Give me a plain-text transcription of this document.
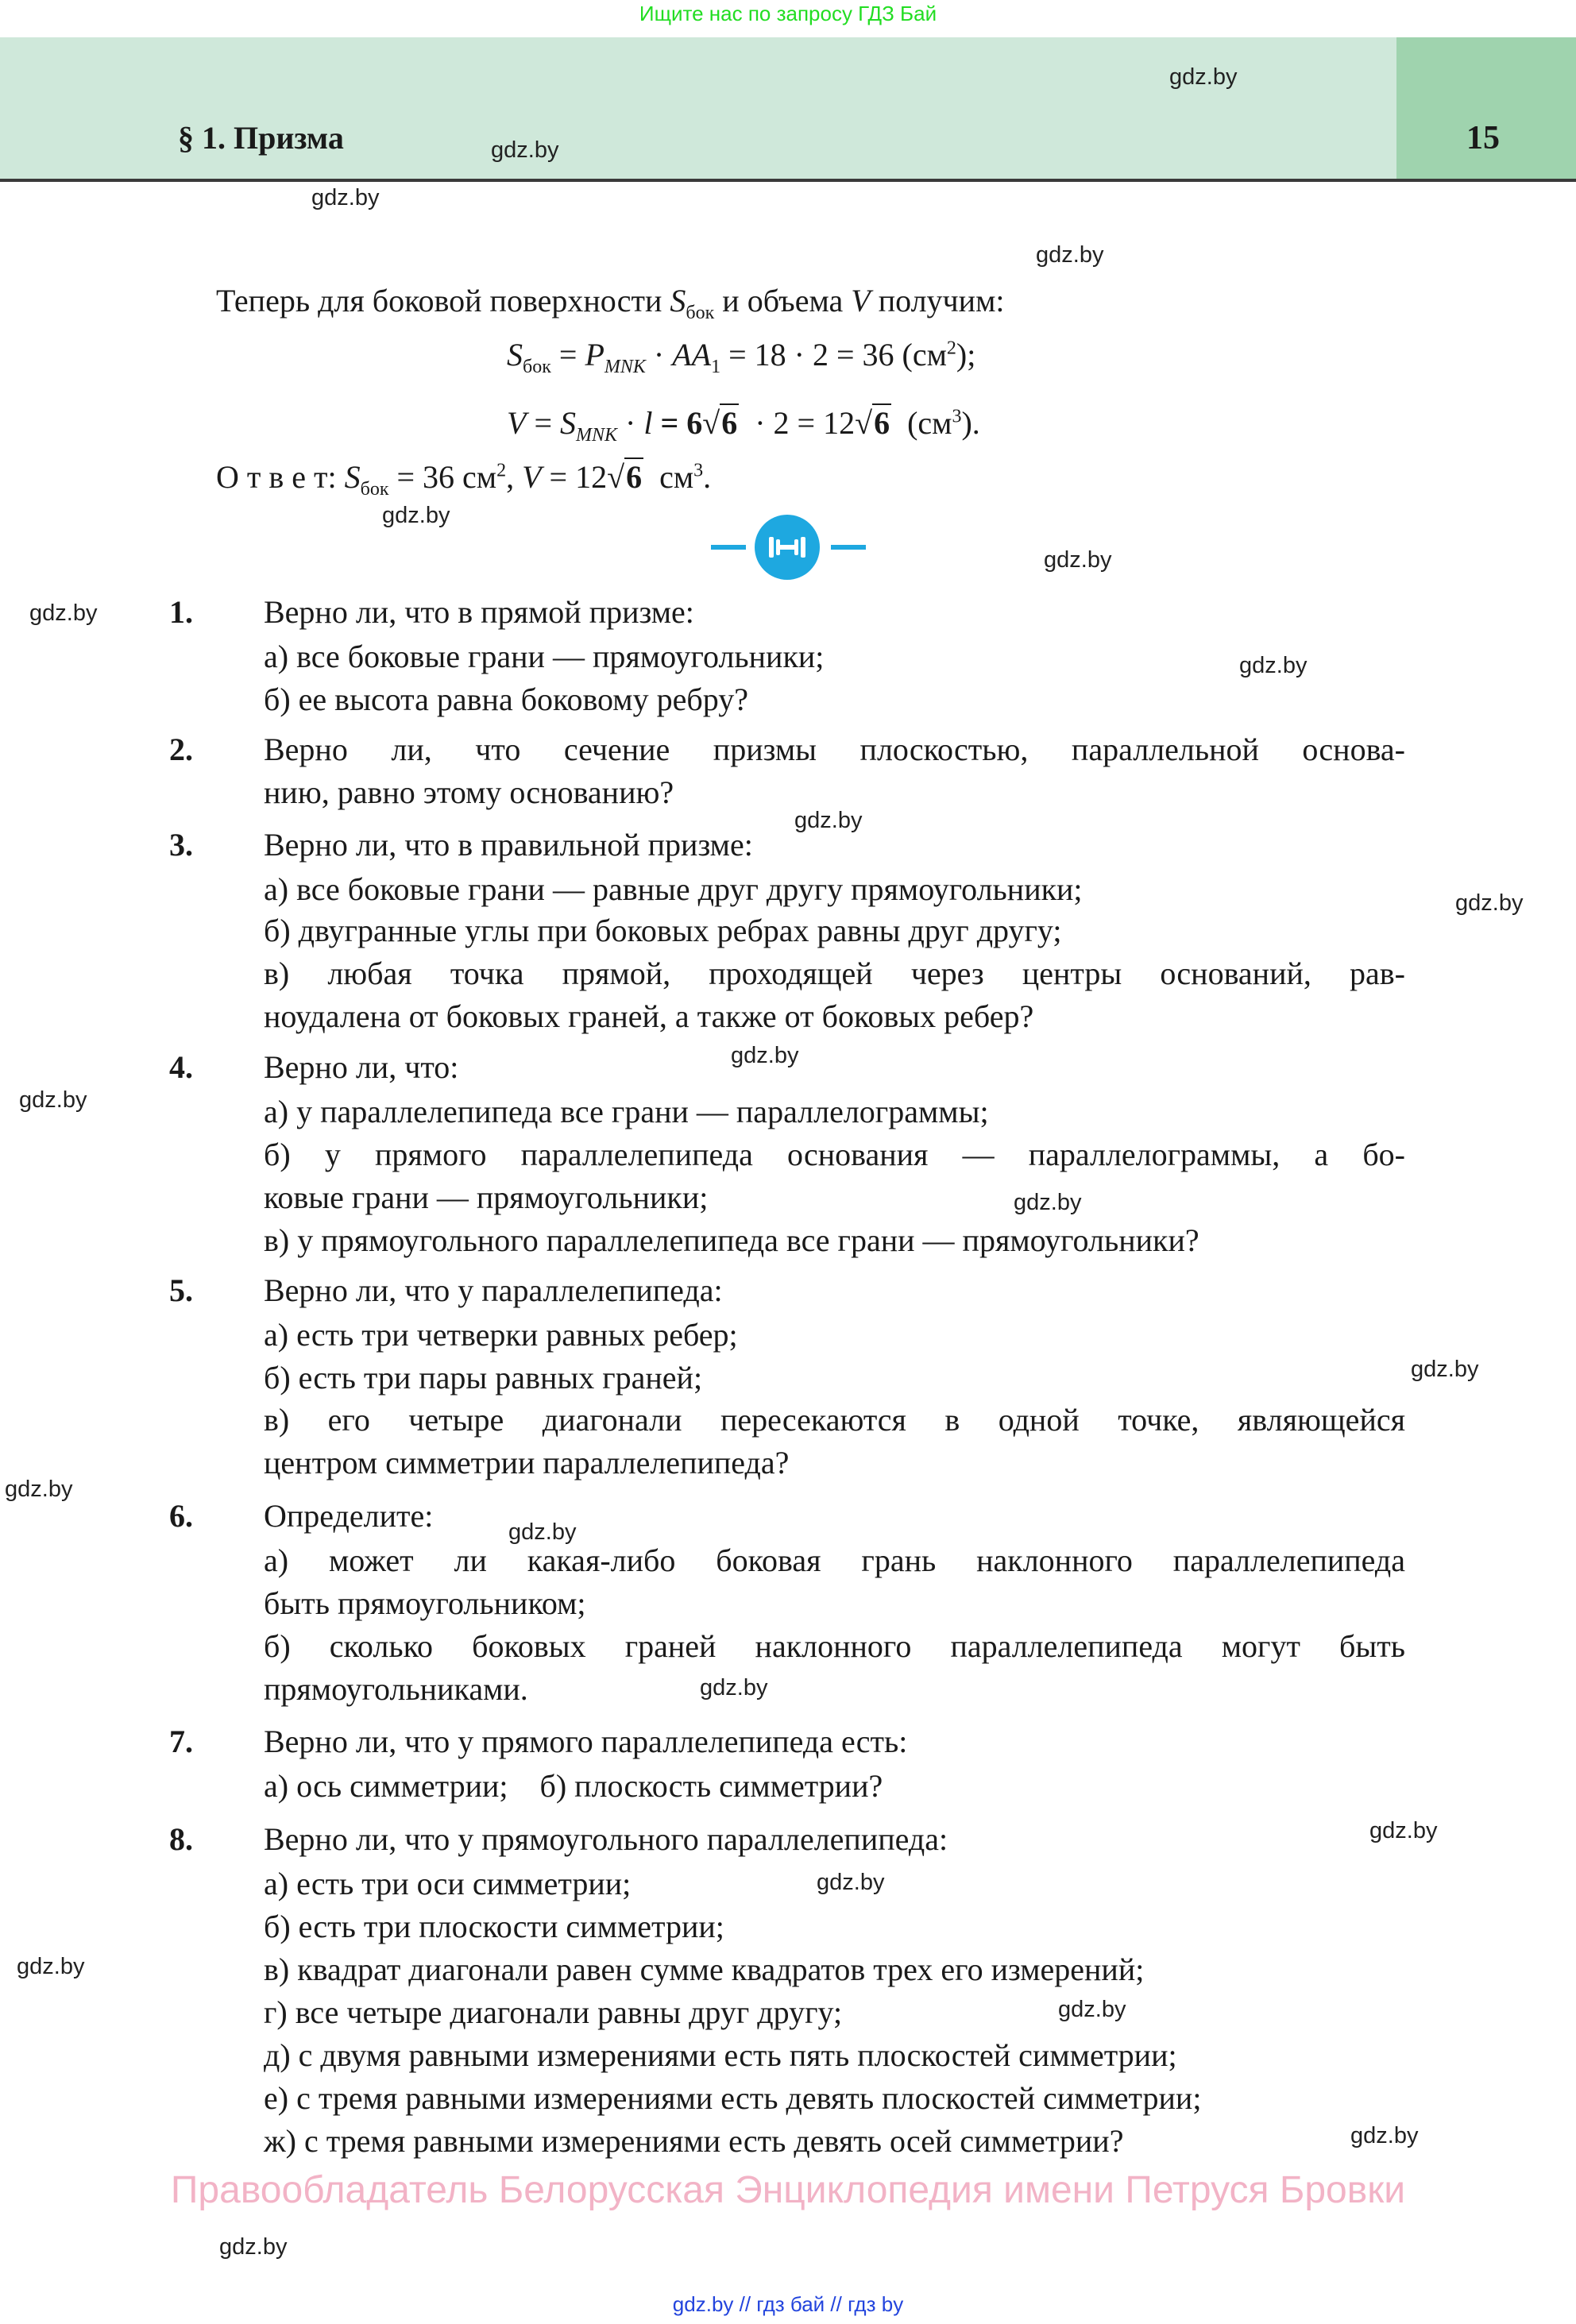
Ищите нас по запросу ГДЗ Бай
§ 1. Призма	15
Теперь для боковой поверхности $S_{бок}$ и объема V получим:
$S_{бок} = P_{MNK} \cdot AA_1 = 18 \cdot 2 = 36$ $(см^2)$;
$V = S_{MNK} \cdot l = 6√6 \cdot 2 = 12√6$  $(см^3)$.
О т в е т: $S_{бок} = 36$ $см^2$, V = 12√6  $см^3$.
1. Верно ли, что в прямой призме:
а) все боковые грани — прямоугольники;
б) ее высота равна боковому ребру?
2. Верно ли, что сечение призмы плоскостью, параллельной основа-
нию, равно этому основанию?
3. Верно ли, что в правильной призме:
а) все боковые грани — равные друг другу прямоугольники;
б) двугранные углы при боковых ребрах равны друг другу;
в) любая точка прямой, проходящей через центры оснований, рав-
ноудалена от боковых граней, а также от боковых ребер?
4. Верно ли, что:
а) у параллелепипеда все грани — параллелограммы;
б) у прямого параллелепипеда основания — параллелограммы, а бо-
ковые грани — прямоугольники;
в) у прямоугольного параллелепипеда все грани — прямоугольники?
5. Верно ли, что у параллелепипеда:
а) есть три четверки равных ребер;
б) есть три пары равных граней;
в) его четыре диагонали пересекаются в одной точке, являющейся
центром симметрии параллелепипеда?
6. Определите:
а) может ли какая-либо боковая грань наклонного параллелепипеда
быть прямоугольником;
б) сколько боковых граней наклонного параллелепипеда могут быть
прямоугольниками.
7. Верно ли, что у прямого параллелепипеда есть:
а) ось симметрии;    б) плоскость симметрии?
8. Верно ли, что у прямоугольного параллелепипеда:
а) есть три оси симметрии;
б) есть три плоскости симметрии;
в) квадрат диагонали равен сумме квадратов трех его измерений;
г) все четыре диагонали равны друг другу;
д) с двумя равными измерениями есть пять плоскостей симметрии;
е) с тремя равными измерениями есть девять плоскостей симметрии;
ж) с тремя равными измерениями есть девять осей симметрии?
gdz.by
gdz.by
gdz.by
gdz.by
gdz.by
gdz.by
gdz.by
gdz.by
gdz.by
gdz.by
gdz.by
gdz.by
gdz.by
gdz.by
gdz.by
gdz.by
gdz.by
gdz.by
gdz.by
gdz.by
gdz.by
gdz.by
gdz.by
Правообладатель Белорусская Энциклопедия имени Петруся Бровки
gdz.by // гдз бай // гдз by
